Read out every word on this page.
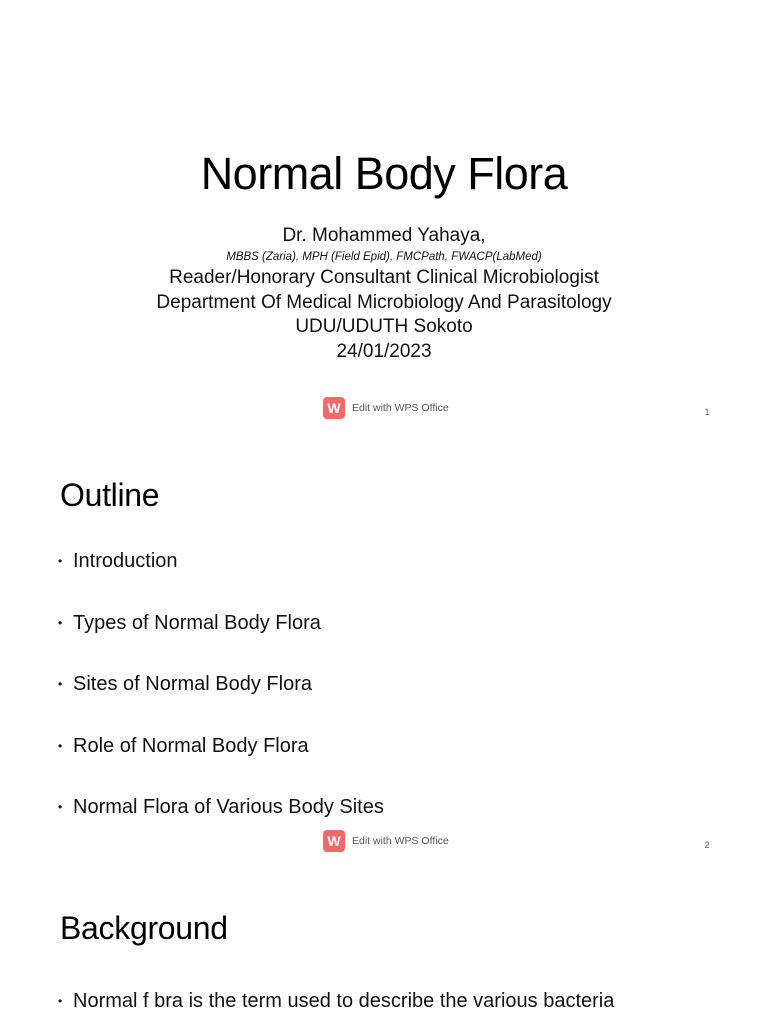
Normal Body Flora
Dr. Mohammed Yahaya,
MBBS (Zaria), MPH (Field Epid), FMCPath, FWACP(LabMed)
Reader/Honorary Consultant Clinical Microbiologist
Department Of Medical Microbiology And Parasitology
UDU/UDUTH Sokoto
24/01/2023
W	Edit with WPS Office	1
Outline
• Introduction
• Types of Normal Body Flora
• Sites of Normal Body Flora
• Role of Normal Body Flora
• Normal Flora of Various Body Sites
W	Edit with WPS Office	2
Background
• Normal f bra is the term used to describe the various bacteria
